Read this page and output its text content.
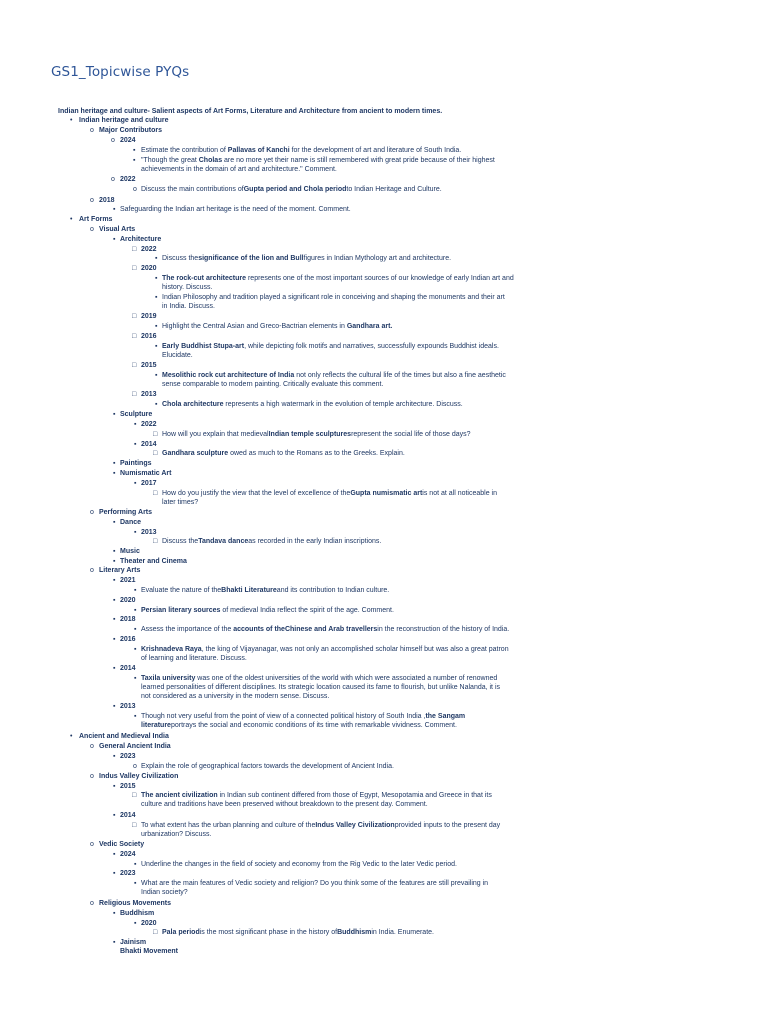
GS1_Topicwise PYQs
Indian heritage and culture- Salient aspects of Art Forms, Literature and Architecture from ancient to modern times.
• Indian heritage and culture
o Major Contributors
o 2024
▪ Estimate the contribution of Pallavas of Kanchi for the development of art and literature of South India.
▪ "Though the great Cholas are no more yet their name is still remembered with great pride because of their highest
achievements in the domain of art and architecture." Comment.
o 2022
o Discuss the main contributions ofGupta period and Chola periodto Indian Heritage and Culture.
o 2018
▪ Safeguarding the Indian art heritage is the need of the moment. Comment.
• Art Forms
o Visual Arts
▪ Architecture
□ 2022
▪ Discuss thesignificance of the lion and Bullfigures in Indian Mythology art and architecture.
□ 2020
▪ The rock-cut architecture represents one of the most important sources of our knowledge of early Indian art and
history. Discuss.
▪ Indian Philosophy and tradition played a significant role in conceiving and shaping the monuments and their art
in India. Discuss.
□ 2019
▪ Highlight the Central Asian and Greco-Bactrian elements in Gandhara art.
□ 2016
▪ Early Buddhist Stupa-art, while depicting folk motifs and narratives, successfully expounds Buddhist ideals.
Elucidate.
□ 2015
▪ Mesolithic rock cut architecture of India not only reflects the cultural life of the times but also a fine aesthetic
sense comparable to modern painting. Critically evaluate this comment.
□ 2013
▪ Chola architecture represents a high watermark in the evolution of temple architecture. Discuss.
▪ Sculpture
▪ 2022
□ How will you explain that medievalIndian temple sculpturesrepresent the social life of those days?
▪ 2014
□ Gandhara sculpture owed as much to the Romans as to the Greeks. Explain.
▪ Paintings
▪ Numismatic Art
▪ 2017
□ How do you justify the view that the level of excellence of theGupta numismatic artis not at all noticeable in
later times?
o Performing Arts
▪ Dance
▪ 2013
□ Discuss theTandava danceas recorded in the early Indian inscriptions.
▪ Music
▪ Theater and Cinema
o Literary Arts
▪ 2021
▪ Evaluate the nature of theBhakti Literatureand its contribution to Indian culture.
▪ 2020
▪ Persian literary sources of medieval India reflect the spirit of the age. Comment.
▪ 2018
▪ Assess the importance of the accounts of theChinese and Arab travellersin the reconstruction of the history of India.
▪ 2016
▪ Krishnadeva Raya, the king of Vijayanagar, was not only an accomplished scholar himself but was also a great patron
of learning and literature. Discuss.
▪ 2014
▪ Taxila university was one of the oldest universities of the world with which were associated a number of renowned
learned personalities of different disciplines. Its strategic location caused its fame to flourish, but unlike Nalanda, it is
not considered as a university in the modern sense. Discuss.
▪ 2013
▪ Though not very useful from the point of view of a connected political history of South India ,the Sangam
literatureportrays the social and economic conditions of its time with remarkable vividness. Comment.
• Ancient and Medieval India
o General Ancient India
▪ 2023
o Explain the role of geographical factors towards the development of Ancient India.
o Indus Valley Civilization
▪ 2015
□ The ancient civilization in Indian sub continent differed from those of Egypt, Mesopotamia and Greece in that its
culture and traditions have been preserved without breakdown to the present day. Comment.
▪ 2014
□ To what extent has the urban planning and culture of theIndus Valley Civilizationprovided inputs to the present day
urbanization? Discuss.
o Vedic Society
▪ 2024
▪ Underline the changes in the field of society and economy from the Rig Vedic to the later Vedic period.
▪ 2023
▪ What are the main features of Vedic society and religion? Do you think some of the features are still prevailing in
Indian society?
o Religious Movements
▪ Buddhism
▪ 2020
□ Pala periodis the most significant phase in the history ofBuddhismin India. Enumerate.
▪ Jainism
Bhakti Movement
